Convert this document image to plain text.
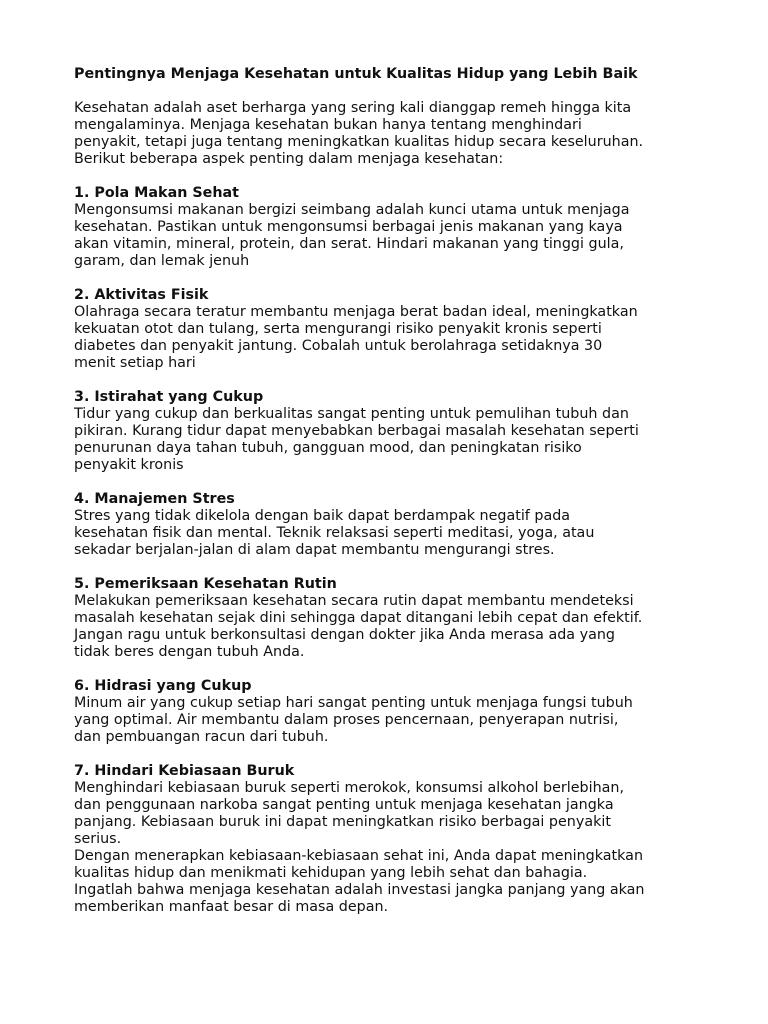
Pentingnya Menjaga Kesehatan untuk Kualitas Hidup yang Lebih Baik
Kesehatan adalah aset berharga yang sering kali dianggap remeh hingga kita
mengalaminya. Menjaga kesehatan bukan hanya tentang menghindari
penyakit, tetapi juga tentang meningkatkan kualitas hidup secara keseluruhan.
Berikut beberapa aspek penting dalam menjaga kesehatan:
1. Pola Makan Sehat
Mengonsumsi makanan bergizi seimbang adalah kunci utama untuk menjaga
kesehatan. Pastikan untuk mengonsumsi berbagai jenis makanan yang kaya
akan vitamin, mineral, protein, dan serat. Hindari makanan yang tinggi gula,
garam, dan lemak jenuh
2. Aktivitas Fisik
Olahraga secara teratur membantu menjaga berat badan ideal, meningkatkan
kekuatan otot dan tulang, serta mengurangi risiko penyakit kronis seperti
diabetes dan penyakit jantung. Cobalah untuk berolahraga setidaknya 30
menit setiap hari
3. Istirahat yang Cukup
Tidur yang cukup dan berkualitas sangat penting untuk pemulihan tubuh dan
pikiran. Kurang tidur dapat menyebabkan berbagai masalah kesehatan seperti
penurunan daya tahan tubuh, gangguan mood, dan peningkatan risiko
penyakit kronis
4. Manajemen Stres
Stres yang tidak dikelola dengan baik dapat berdampak negatif pada
kesehatan fisik dan mental. Teknik relaksasi seperti meditasi, yoga, atau
sekadar berjalan-jalan di alam dapat membantu mengurangi stres.
5. Pemeriksaan Kesehatan Rutin
Melakukan pemeriksaan kesehatan secara rutin dapat membantu mendeteksi
masalah kesehatan sejak dini sehingga dapat ditangani lebih cepat dan efektif.
Jangan ragu untuk berkonsultasi dengan dokter jika Anda merasa ada yang
tidak beres dengan tubuh Anda.
6. Hidrasi yang Cukup
Minum air yang cukup setiap hari sangat penting untuk menjaga fungsi tubuh
yang optimal. Air membantu dalam proses pencernaan, penyerapan nutrisi,
dan pembuangan racun dari tubuh.
7. Hindari Kebiasaan Buruk
Menghindari kebiasaan buruk seperti merokok, konsumsi alkohol berlebihan,
dan penggunaan narkoba sangat penting untuk menjaga kesehatan jangka
panjang. Kebiasaan buruk ini dapat meningkatkan risiko berbagai penyakit
serius.
Dengan menerapkan kebiasaan-kebiasaan sehat ini, Anda dapat meningkatkan
kualitas hidup dan menikmati kehidupan yang lebih sehat dan bahagia.
Ingatlah bahwa menjaga kesehatan adalah investasi jangka panjang yang akan
memberikan manfaat besar di masa depan.
